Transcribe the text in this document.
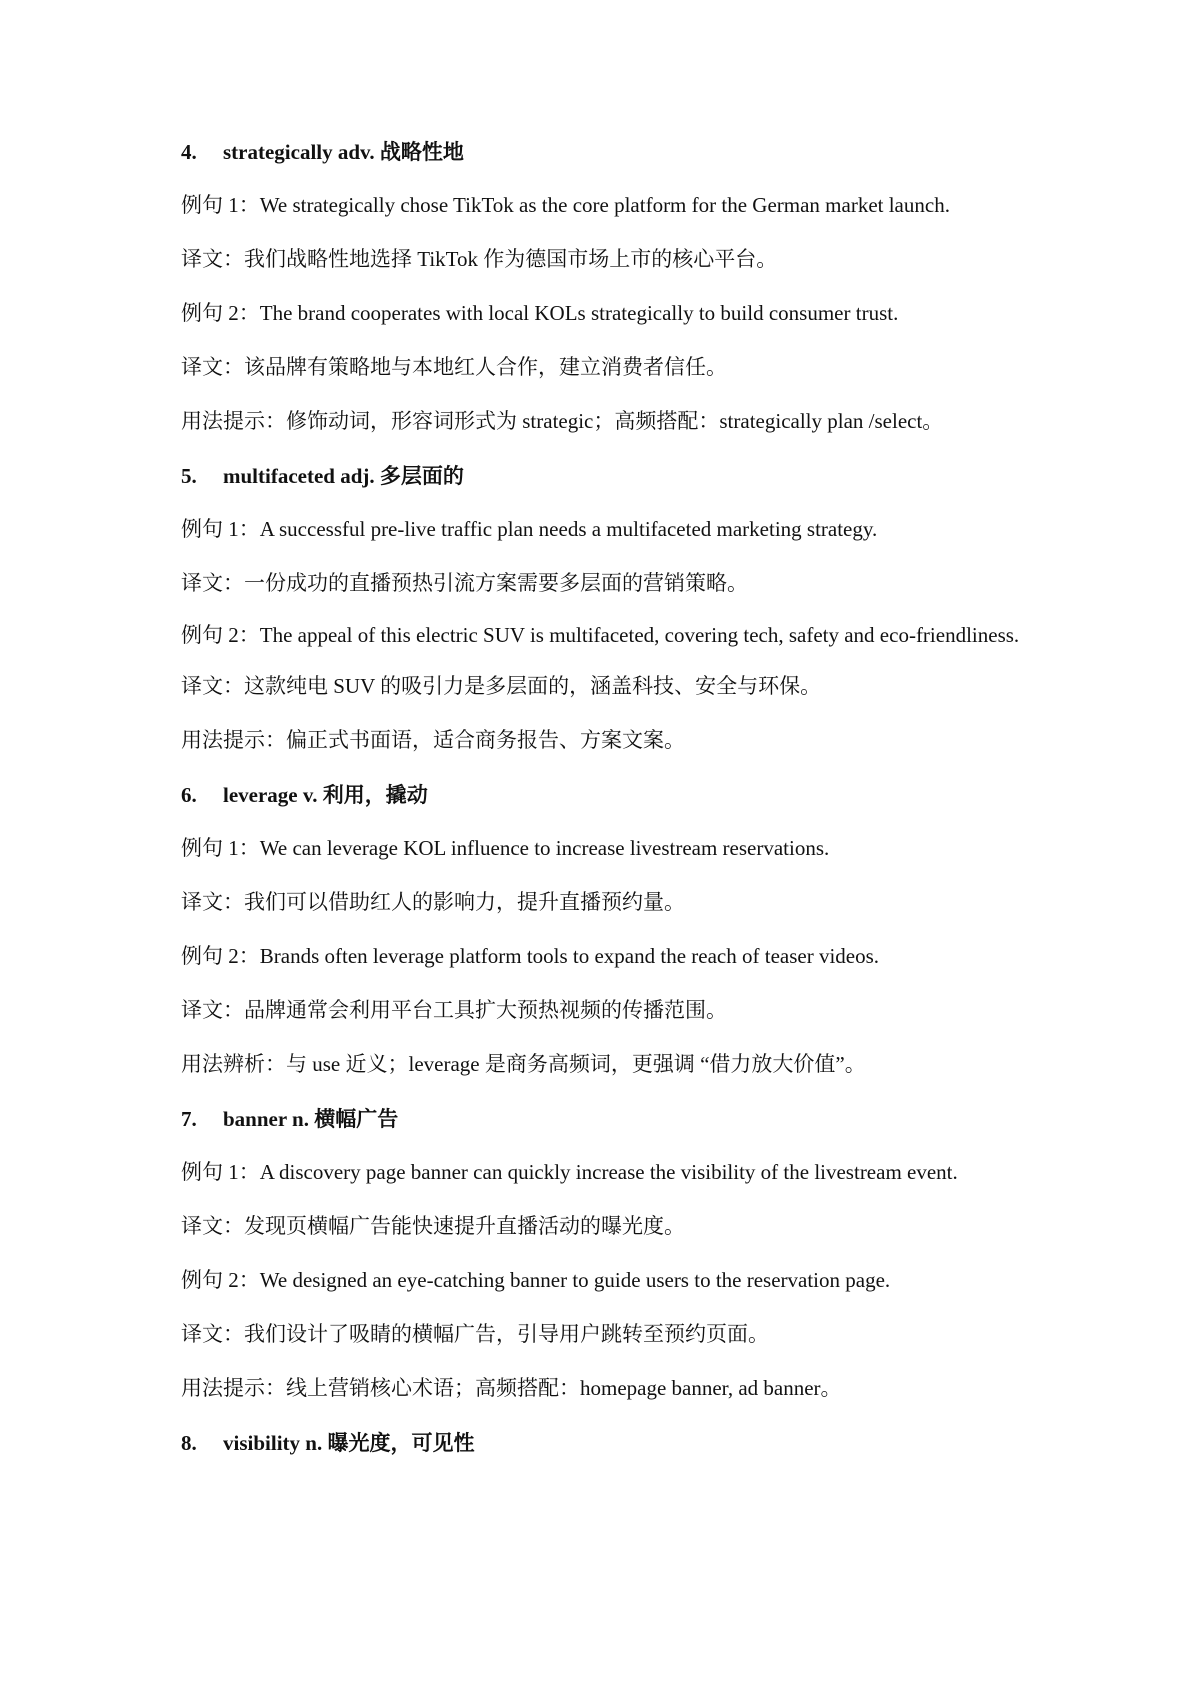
4.	strategically adv. 战略性地
例句 1：We strategically chose TikTok as the core platform for the German market launch.
译文：我们战略性地选择 TikTok 作为德国市场上市的核心平台。
例句 2：The brand cooperates with local KOLs strategically to build consumer trust.
译文：该品牌有策略地与本地红人合作，建立消费者信任。
用法提示：修饰动词，形容词形式为 strategic；高频搭配：strategically plan /select。
5.	multifaceted adj. 多层面的
例句 1：A successful pre-live traffic plan needs a multifaceted marketing strategy.
译文：一份成功的直播预热引流方案需要多层面的营销策略。
例句 2：The appeal of this electric SUV is multifaceted, covering tech, safety and eco-friendliness.
译文：这款纯电 SUV 的吸引力是多层面的，涵盖科技、安全与环保。
用法提示：偏正式书面语，适合商务报告、方案文案。
6.	leverage v. 利用，撬动
例句 1：We can leverage KOL influence to increase livestream reservations.
译文：我们可以借助红人的影响力，提升直播预约量。
例句 2：Brands often leverage platform tools to expand the reach of teaser videos.
译文：品牌通常会利用平台工具扩大预热视频的传播范围。
用法辨析：与 use 近义；leverage 是商务高频词，更强调 “借力放大价值”。
7.	banner n. 横幅广告
例句 1：A discovery page banner can quickly increase the visibility of the livestream event.
译文：发现页横幅广告能快速提升直播活动的曝光度。
例句 2：We designed an eye-catching banner to guide users to the reservation page.
译文：我们设计了吸睛的横幅广告，引导用户跳转至预约页面。
用法提示：线上营销核心术语；高频搭配：homepage banner, ad banner。
8.	visibility n. 曝光度，可见性
